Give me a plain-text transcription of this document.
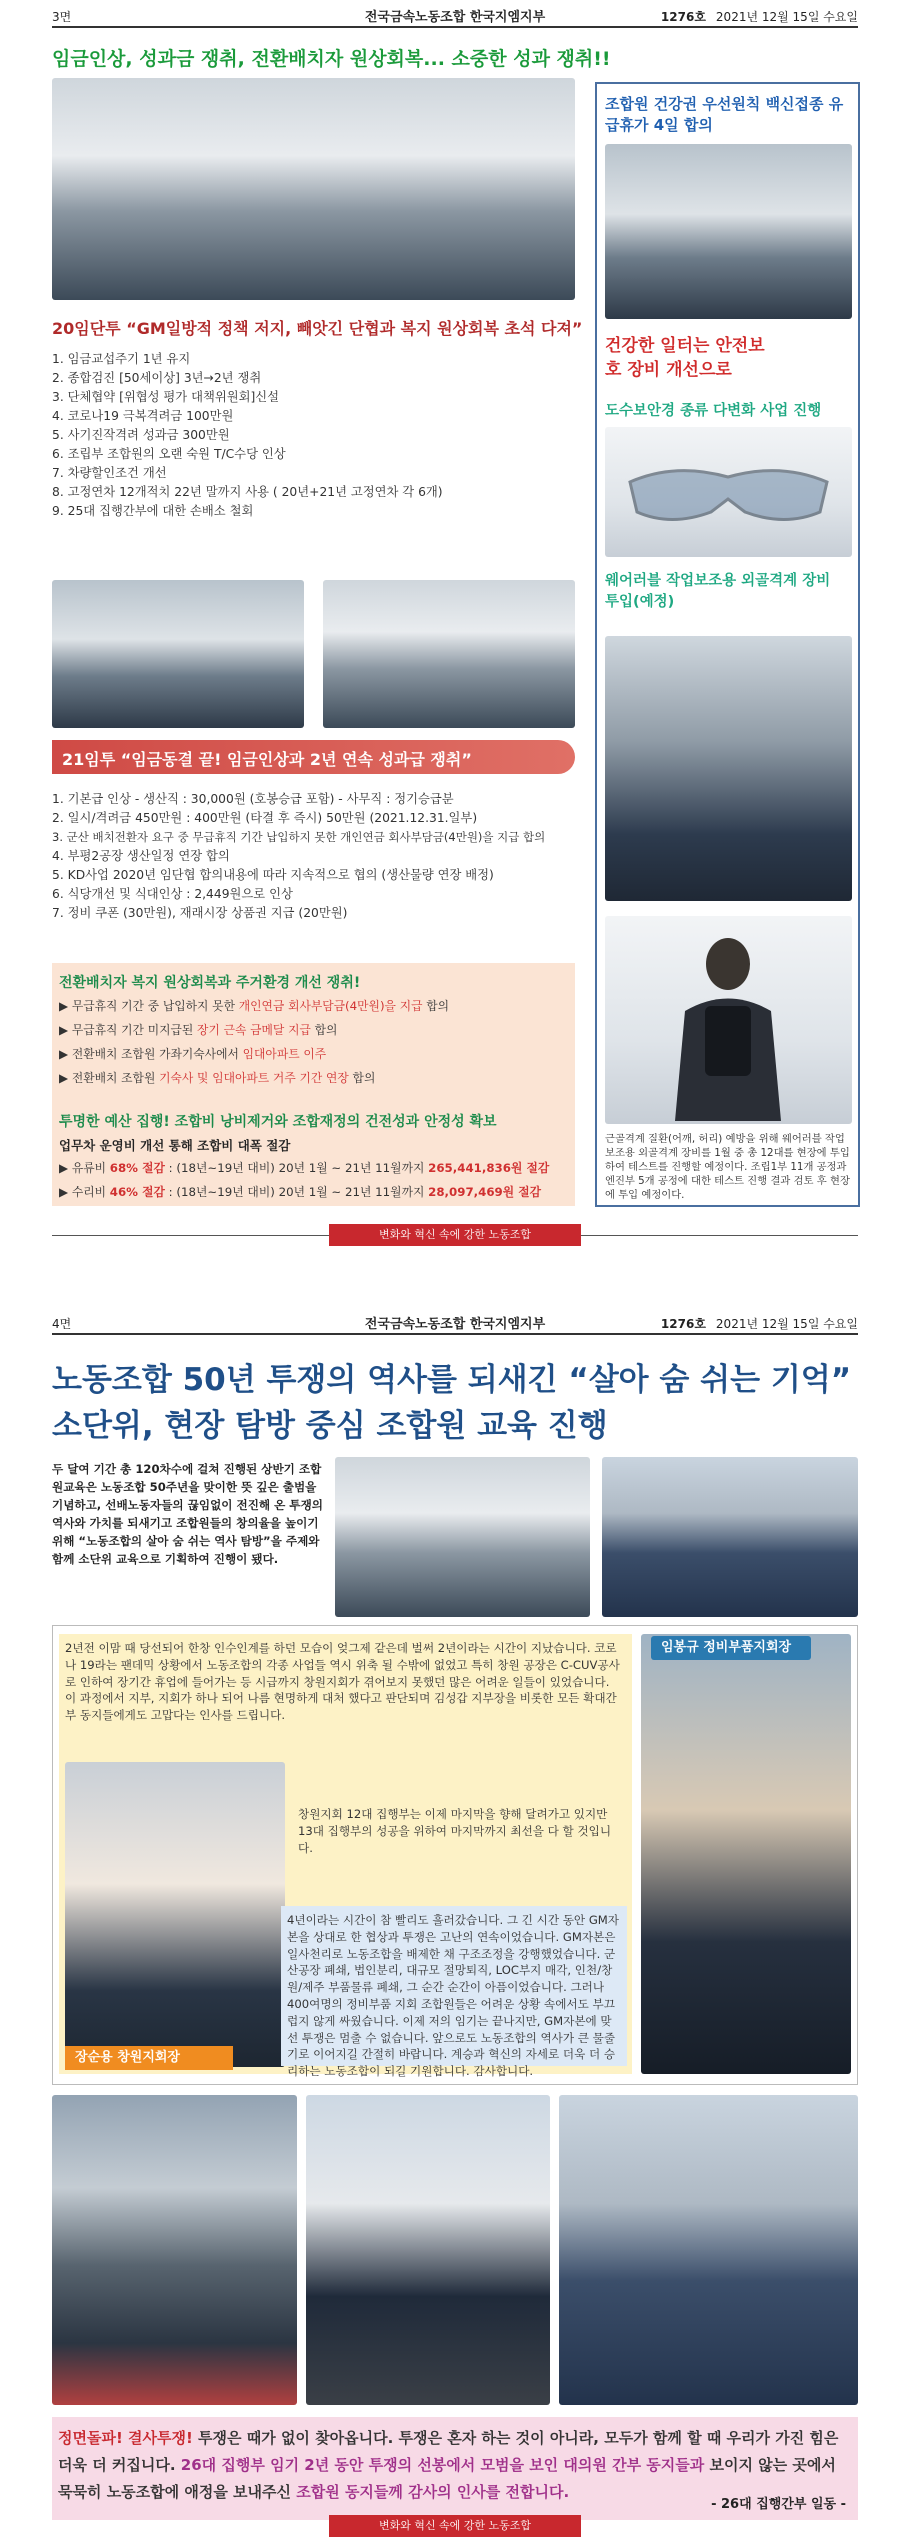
3면	전국금속노동조합 한국지엠지부	1276호 2021년 12월 15일 수요일
임금인상, 성과금 쟁취, 전환배치자 원상회복... 소중한 성과 쟁취!!
20임단투 “GM일방적 정책 저지, 빼앗긴 단협과 복지 원상회복 초석 다져”
1. 임금교섭주기 1년 유지
2. 종합검진 [50세이상] 3년→2년 쟁취
3. 단체협약 [위협성 평가 대책위원회]신설
4. 코로나19 극복격려금 100만원
5. 사기진작격려 성과금 300만원
6. 조립부 조합원의 오랜 숙원 T/C수당 인상
7. 차량할인조건 개선
8. 고정연차 12개적치 22년 말까지 사용 ( 20년+21년 고정연차 각 6개)
9. 25대 집행간부에 대한 손배소 철회
21임투 “임금동결 끝! 임금인상과 2년 연속 성과급 쟁취”
1. 기본급 인상 - 생산직 : 30,000원 (호봉승급 포함) - 사무직 : 정기승급분
2. 일시/격려금 450만원 : 400만원 (타결 후 즉시) 50만원 (2021.12.31.일부)
3. 군산 배치전환자 요구 중 무급휴직 기간 납입하지 못한 개인연금 회사부담금(4만원)을 지급 합의
4. 부평2공장 생산일정 연장 합의
5. KD사업 2020년 임단협 합의내용에 따라 지속적으로 협의 (생산물량 연장 배정)
6. 식당개선 및 식대인상 : 2,449원으로 인상
7. 정비 쿠폰 (30만원), 재래시장 상품권 지급 (20만원)
전환배치자 복지 원상회복과 주거환경 개선 쟁취!
▶ 무급휴직 기간 중 납입하지 못한 개인연금 회사부담금(4만원)을 지급 합의
▶ 무급휴직 기간 미지급된 장기 근속 금메달 지급 합의
▶ 전환배치 조합원 가좌기숙사에서 임대아파트 이주
▶ 전환배치 조합원 기숙사 및 임대아파트 거주 기간 연장 합의
투명한 예산 집행! 조합비 낭비제거와 조합재정의 건전성과 안정성 확보
업무차 운영비 개선 통해 조합비 대폭 절감
▶ 유류비 68% 절감 : (18년~19년 대비) 20년 1월 ~ 21년 11월까지 265,441,836원 절감
▶ 수리비 46% 절감 : (18년~19년 대비) 20년 1월 ~ 21년 11월까지 28,097,469원 절감
조합원 건강권 우선원칙 백신접종 유급휴가 4일 합의
건강한 일터는 안전보호 장비 개선으로
도수보안경 종류 다변화 사업 진행
웨어러블 작업보조용 외골격계 장비 투입(예정)
근골격계 질환(어깨, 허리) 예방을 위해 웨어러블 작업보조용 외골격계 장비를 1월 중 총 12대를 현장에 투입하여 테스트를 진행할 예정이다. 조립1부 11개 공정과 엔진부 5개 공정에 대한 테스트 진행 결과 검토 후 현장에 투입 예정이다.
변화와 혁신 속에 강한 노동조합
4면	전국금속노동조합 한국지엠지부	1276호 2021년 12월 15일 수요일
노동조합 50년 투쟁의 역사를 되새긴 “살아 숨 쉬는 기억”
소단위, 현장 탐방 중심 조합원 교육 진행
두 달여 기간 총 120차수에 걸쳐 진행된 상반기 조합원교육은 노동조합 50주년을 맞이한 뜻 깊은 출범을 기념하고, 선배노동자들의 끊임없이 전진해 온 투쟁의 역사와 가치를 되새기고 조합원들의 창의율을 높이기 위해 “노동조합의 살아 숨 쉬는 역사 탐방”을 주제와 함께 소단위 교육으로 기획하여 진행이 됐다.
2년전 이맘 때 당선되어 한창 인수인계를 하던 모습이 엊그제 같은데 벌써 2년이라는 시간이 지났습니다. 코로나 19라는 팬데믹 상황에서 노동조합의 각종 사업들 역시 위축 될 수밖에 없었고 특히 창원 공장은 C-CUV공사로 인하여 장기간 휴업에 들어가는 등 시급까지 창원지회가 겪어보지 못했던 많은 어려운 일들이 있었습니다. 이 과정에서 지부, 지회가 하나 되어 나름 현명하게 대처 했다고 판단되며 김성갑 지부장을 비롯한 모든 확대간부 동지들에게도 고맙다는 인사를 드립니다.
창원지회 12대 집행부는 이제 마지막을 향해 달려가고 있지만 13대 집행부의 성공을 위하여 마지막까지 최선을 다 할 것입니다.
4년이라는 시간이 참 빨리도 흘러갔습니다. 그 긴 시간 동안 GM자본을 상대로 한 협상과 투쟁은 고난의 연속이었습니다. GM자본은 일사천리로 노동조합을 배제한 채 구조조정을 강행했었습니다. 군산공장 폐쇄, 법인분리, 대규모 절망퇴직, LOC부지 매각, 인천/창원/제주 부품물류 폐쇄, 그 순간 순간이 아픔이었습니다. 그러나 400여명의 정비부품 지회 조합원들은 어려운 상황 속에서도 부끄럽지 않게 싸웠습니다. 이제 저의 임기는 끝나지만, GM자본에 맞선 투쟁은 멈출 수 없습니다. 앞으로도 노동조합의 역사가 큰 물줄기로 이어지길 간절히 바랍니다. 계승과 혁신의 자세로 더욱 더 승리하는 노동조합이 되길 기원합니다. 감사합니다.
장순용 창원지회장
임봉규 정비부품지회장
정면돌파! 결사투쟁! 투쟁은 때가 없이 찾아옵니다. 투쟁은 혼자 하는 것이 아니라, 모두가 함께 할 때 우리가 가진 힘은 더욱 더 커집니다. 26대 집행부 임기 2년 동안 투쟁의 선봉에서 모범을 보인 대의원 간부 동지들과 보이지 않는 곳에서 묵묵히 노동조합에 애정을 보내주신 조합원 동지들께 감사의 인사를 전합니다.
- 26대 집행간부 일동 -
변화와 혁신 속에 강한 노동조합
